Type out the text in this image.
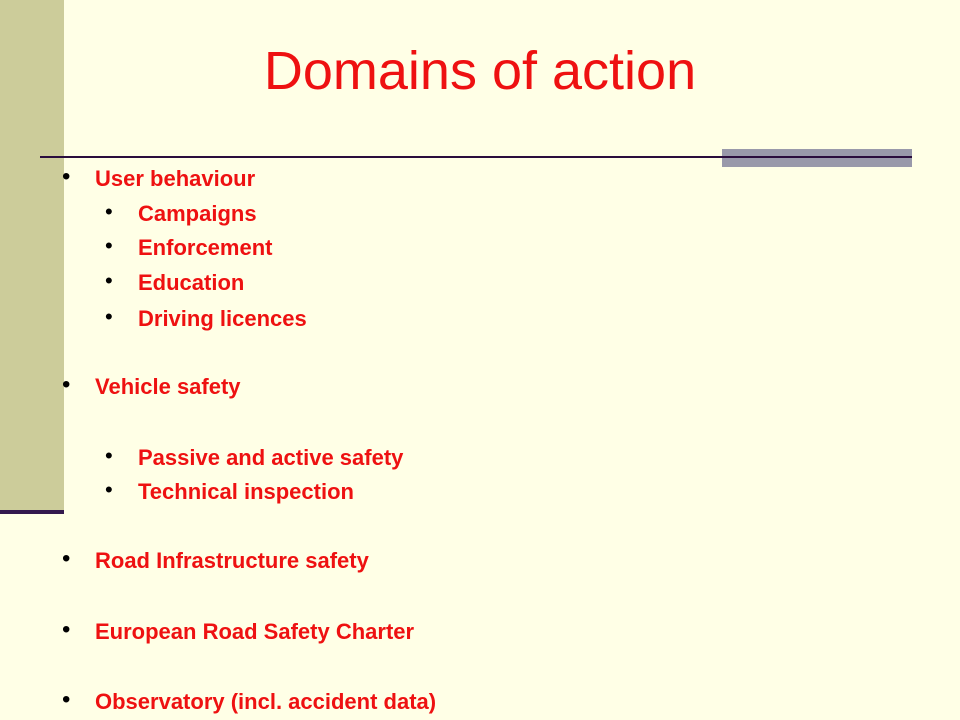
Domains of action
• User behaviour
• Campaigns
• Enforcement
• Education
• Driving licences
• Vehicle safety
• Passive and active safety
• Technical inspection
• Road Infrastructure safety
• European Road Safety Charter
• Observatory (incl. accident data)
